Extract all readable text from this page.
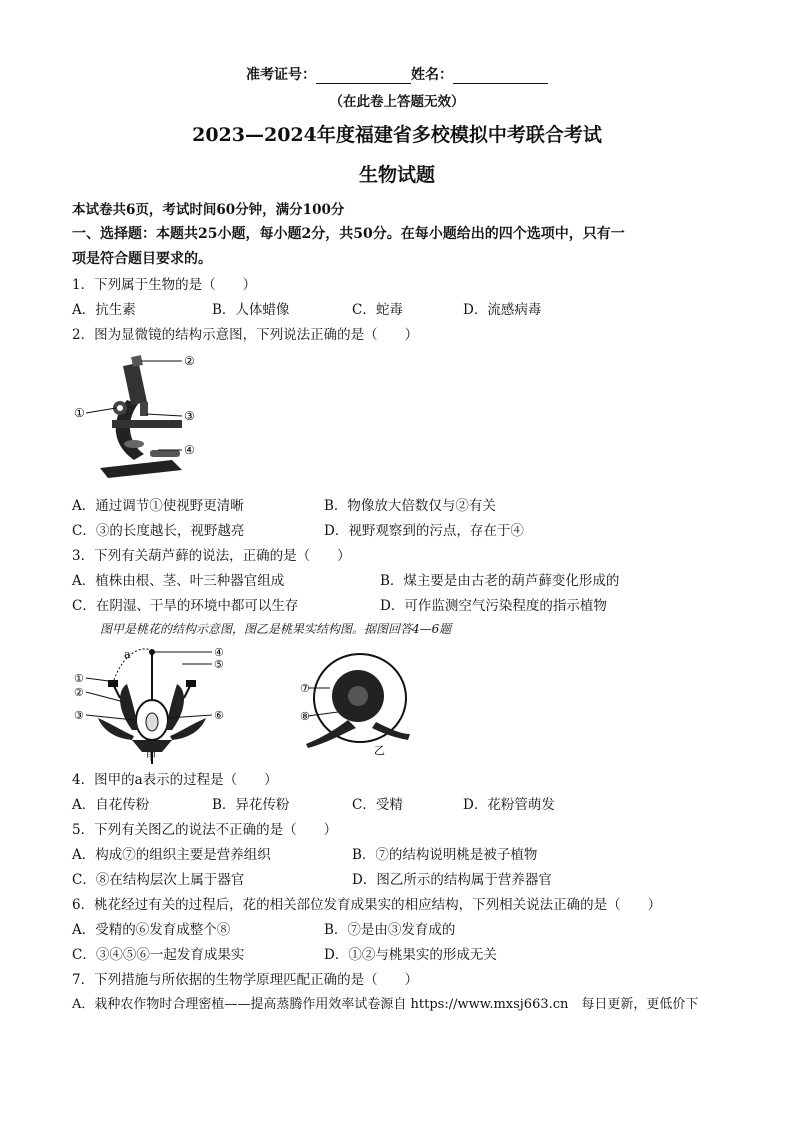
准考证号：	姓名：
（在此卷上答题无效）
2023—2024年度福建省多校模拟中考联合考试
生物试题
本试卷共6页，考试时间60分钟，满分100分
一、选择题：本题共25小题，每小题2分，共50分。在每小题给出的四个选项中，只有一
项是符合题目要求的。
1．下列属于生物的是（　　）
A．抗生素	B．人体蜡像	C．蛇毒	D．流感病毒
2．图为显微镜的结构示意图，下列说法正确的是（　　）
②
①	③
④
A．通过调节①使视野更清晰	B．物像放大倍数仅与②有关
C．③的长度越长，视野越亮	D．视野观察到的污点，存在于④
3．下列有关葫芦藓的说法，正确的是（　　）
A．植株由根、茎、叶三种器官组成	B．煤主要是由古老的葫芦藓变化形成的
C．在阴湿、干旱的环境中都可以生存	D．可作监测空气污染程度的指示植物
图甲是桃花的结构示意图，图乙是桃果实结构图。据图回答4—6题
a
①
②
③
④
⑤
⑥
甲
⑦
⑧
乙
4．图甲的a表示的过程是（　　）
A．自花传粉	B．异花传粉	C．受精	D．花粉管萌发
5．下列有关图乙的说法不正确的是（　　）
A．构成⑦的组织主要是营养组织	B．⑦的结构说明桃是被子植物
C．⑧在结构层次上属于器官	D．图乙所示的结构属于营养器官
6．桃花经过有关的过程后，花的相关部位发育成果实的相应结构，下列相关说法正确的是（　　）
A．受精的⑥发育成整个⑧	B．⑦是由③发育成的
C．③④⑤⑥一起发育成果实	D．①②与桃果实的形成无关
7．下列措施与所依据的生物学原理匹配正确的是（　　）
A．栽种农作物时合理密植——提高蒸腾作用效率试卷源自 https://www.mxsj663.cn　每日更新，更低价下
